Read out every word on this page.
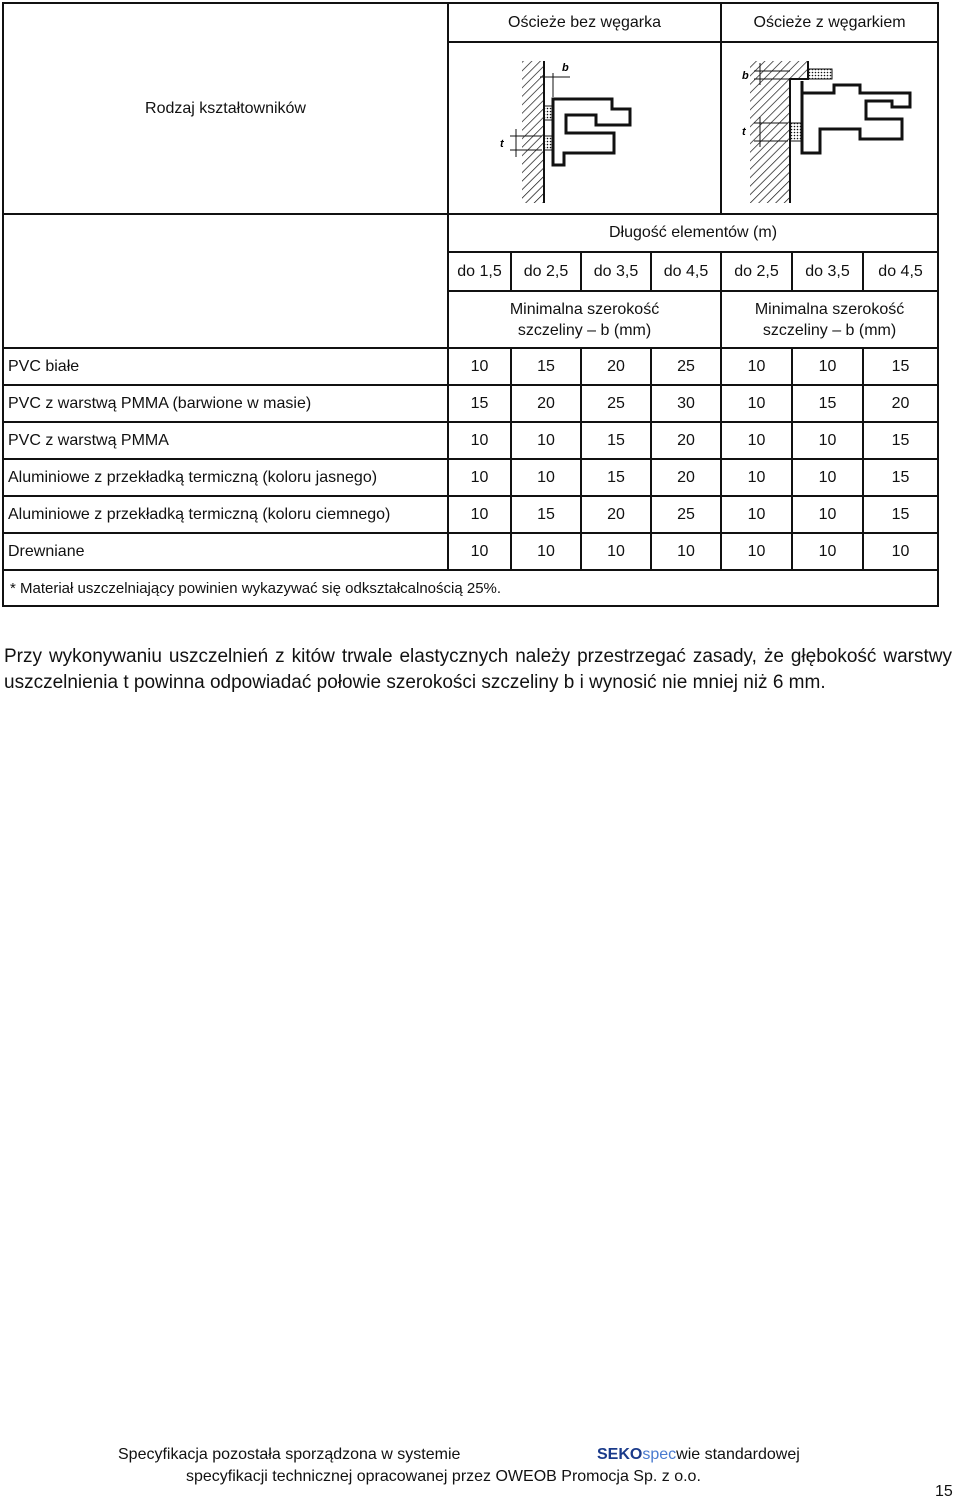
Rodzaj kształtowników	Ościeże bez węgarka				Ościeże z węgarkiem		

b
t				b
t		

	Długość elementów (m)						
	do 1,5	do 2,5	do 3,5	do 4,5	do 2,5	do 3,5	do 4,5
	Minimalna szerokość szczeliny – b (mm)				Minimalna szerokość szczeliny – b (mm)		
PVC białe	10	15	20	25	10	10	15
PVC z warstwą PMMA (barwione w masie)	15	20	25	30	10	15	20
PVC z warstwą PMMA	10	10	15	20	10	10	15
Aluminiowe z przekładką termiczną (koloru jasnego)	10	10	15	20	10	10	15
Aluminiowe z przekładką termiczną (koloru ciemnego)	10	15	20	25	10	10	15
Drewniane	10	10	10	10	10	10	10
* Materiał uszczelniający powinien wykazywać się odkształcalnością 25%.							

Przy wykonywaniu uszczelnień z kitów trwale elastycznych należy przestrzegać zasady, że głębokość warstwy uszczelnienia t powinna odpowiadać połowie szerokości szczeliny b i wynosić nie mniej niż 6 mm.

Specyfikacja pozostała sporządzona w systemie	SEKOspecwie standardowej
specyfikacji technicznej opracowanej przez OWEOB Promocja Sp. z o.o.
15
